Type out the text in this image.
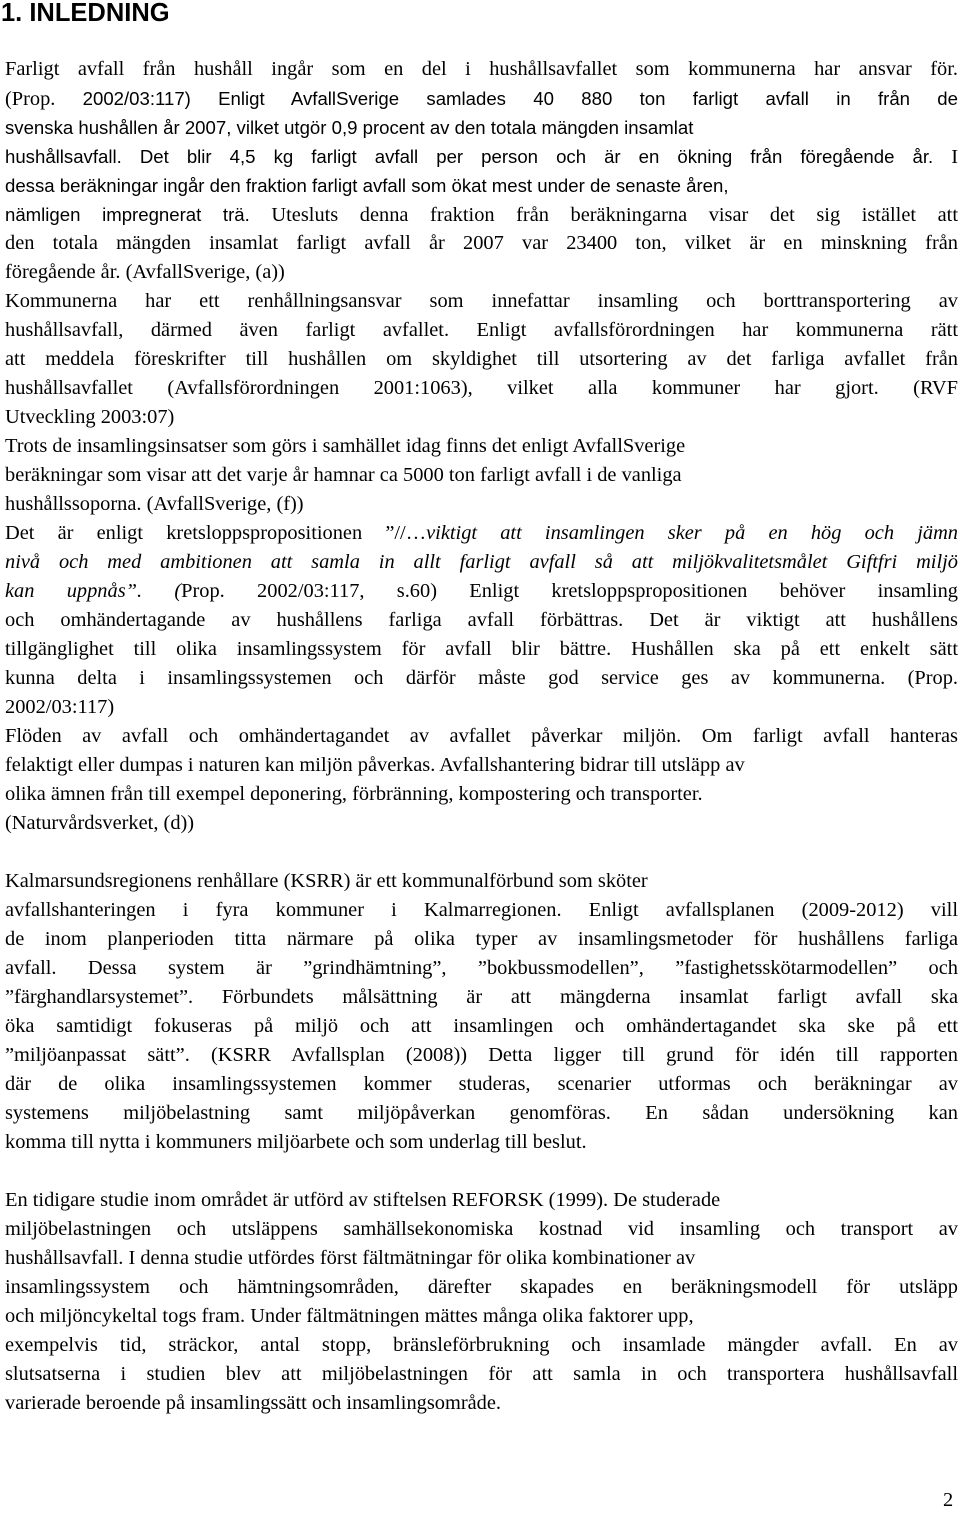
1. INLEDNING
Farligt avfall från hushåll ingår som en del i hushållsavfallet som kommunerna har ansvar för.
(Prop. 2002/03:117) Enligt AvfallSverige samlades 40 880 ton farligt avfall in från de
svenska hushållen år 2007, vilket utgör 0,9 procent av den totala mängden insamlat
hushållsavfall. Det blir 4,5 kg farligt avfall per person och är en ökning från föregående år. I
dessa beräkningar ingår den fraktion farligt avfall som ökat mest under de senaste åren,
nämligen impregnerat trä. Utesluts denna fraktion från beräkningarna visar det sig istället att
den totala mängden insamlat farligt avfall år 2007 var 23400 ton, vilket är en minskning från
föregående år. (AvfallSverige, (a))
Kommunerna har ett renhållningsansvar som innefattar insamling och borttransportering av
hushållsavfall, därmed även farligt avfallet. Enligt avfallsförordningen har kommunerna rätt
att meddela föreskrifter till hushållen om skyldighet till utsortering av det farliga avfallet från
hushållsavfallet (Avfallsförordningen 2001:1063), vilket alla kommuner har gjort. (RVF
Utveckling 2003:07)
Trots de insamlingsinsatser som görs i samhället idag finns det enligt AvfallSverige
beräkningar som visar att det varje år hamnar ca 5000 ton farligt avfall i de vanliga
hushållssoporna. (AvfallSverige, (f))
Det är enligt kretsloppspropositionen ”//…viktigt att insamlingen sker på en hög och jämn
nivå och med ambitionen att samla in allt farligt avfall så att miljökvalitetsmålet Giftfri miljö
kan uppnås”. (Prop. 2002/03:117, s.60) Enligt kretsloppspropositionen behöver insamling
och omhändertagande av hushållens farliga avfall förbättras. Det är viktigt att hushållens
tillgänglighet till olika insamlingssystem för avfall blir bättre. Hushållen ska på ett enkelt sätt
kunna delta i insamlingssystemen och därför måste god service ges av kommunerna. (Prop.
2002/03:117)
Flöden av avfall och omhändertagandet av avfallet påverkar miljön. Om farligt avfall hanteras
felaktigt eller dumpas i naturen kan miljön påverkas. Avfallshantering bidrar till utsläpp av
olika ämnen från till exempel deponering, förbränning, kompostering och transporter.
(Naturvårdsverket, (d))
Kalmarsundsregionens renhållare (KSRR) är ett kommunalförbund som sköter
avfallshanteringen i fyra kommuner i Kalmarregionen. Enligt avfallsplanen (2009-2012) vill
de inom planperioden titta närmare på olika typer av insamlingsmetoder för hushållens farliga
avfall. Dessa system är ”grindhämtning”, ”bokbussmodellen”, ”fastighetsskötarmodellen” och
”färghandlarsystemet”. Förbundets målsättning är att mängderna insamlat farligt avfall ska
öka samtidigt fokuseras på miljö och att insamlingen och omhändertagandet ska ske på ett
”miljöanpassat sätt”. (KSRR Avfallsplan (2008)) Detta ligger till grund för idén till rapporten
där de olika insamlingssystemen kommer studeras, scenarier utformas och beräkningar av
systemens miljöbelastning samt miljöpåverkan genomföras. En sådan undersökning kan
komma till nytta i kommuners miljöarbete och som underlag till beslut.
En tidigare studie inom området är utförd av stiftelsen REFORSK (1999). De studerade
miljöbelastningen och utsläppens samhällsekonomiska kostnad vid insamling och transport av
hushållsavfall. I denna studie utfördes först fältmätningar för olika kombinationer av
insamlingssystem och hämtningsområden, därefter skapades en beräkningsmodell för utsläpp
och miljöncykeltal togs fram. Under fältmätningen mättes många olika faktorer upp,
exempelvis tid, sträckor, antal stopp, bränsleförbrukning och insamlade mängder avfall. En av
slutsatserna i studien blev att miljöbelastningen för att samla in och transportera hushållsavfall
varierade beroende på insamlingssätt och insamlingsområde.
2
